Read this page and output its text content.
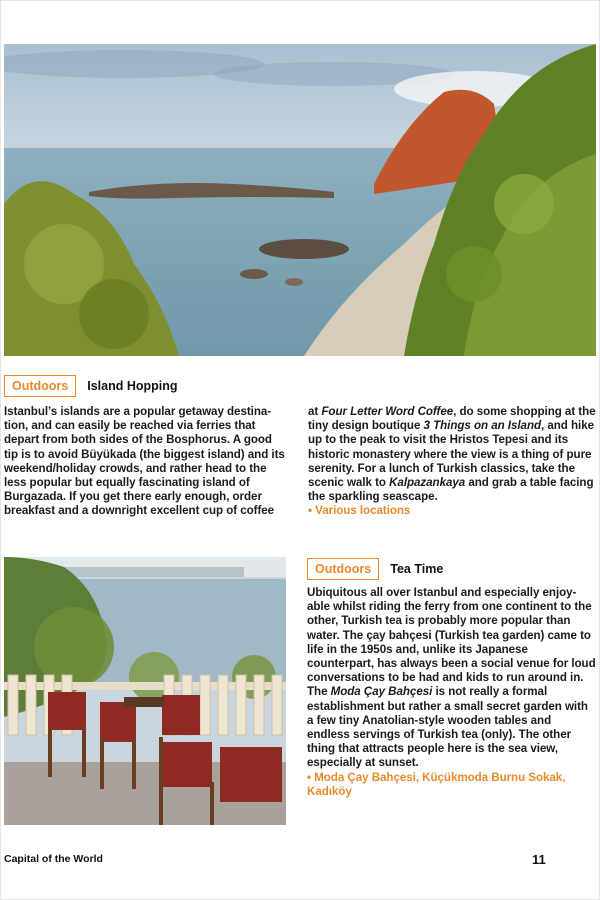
Outdoors	Island Hopping

Istanbul’s islands are a popular getaway destina-tion, and can easily be reached via ferries that depart from both sides of the Bosphorus. A good tip is to avoid Büyükada (the biggest island) and its weekend/holiday crowds, and rather head to the less popular but equally fascinating island of Burgazada. If you get there early enough, order breakfast and a downright excellent cup of coffee

at Four Letter Word Coffee, do some shopping at the tiny design boutique 3 Things on an Island, and hike up to the peak to visit the Hristos Tepesi and its historic monastery where the view is a thing of pure serenity. For a lunch of Turkish classics, take the scenic walk to Kalpazankaya and grab a table facing the sparkling seascape.

• Various locations

Outdoors	Tea Time

Ubiquitous all over Istanbul and especially enjoy-able whilst riding the ferry from one continent to the other, Turkish tea is probably more popular than water. The çay bahçesi (Turkish tea garden) came to life in the 1950s and, unlike its Japanese counterpart, has always been a social venue for loud conversations to be had and kids to run around in. The Moda Çay Bahçesi is not really a formal establishment but rather a small secret garden with a few tiny Anatolian-style wooden tables and endless servings of Turkish tea (only). The other thing that attracts people here is the sea view, especially at sunset.

• Moda Çay Bahçesi, Küçükmoda Burnu Sokak, Kadıköy

Capital of the World	11
